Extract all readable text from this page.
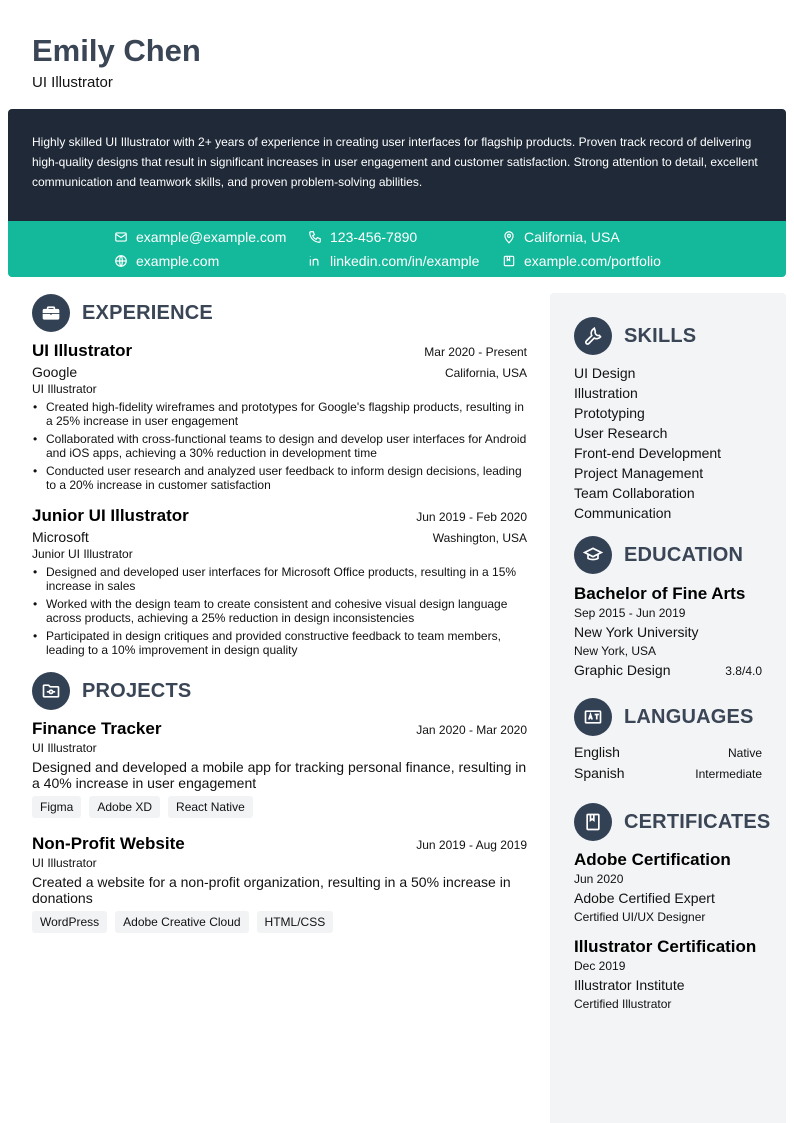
Emily Chen
UI Illustrator
Highly skilled UI Illustrator with 2+ years of experience in creating user interfaces for flagship products. Proven track record of delivering high-quality designs that result in significant increases in user engagement and customer satisfaction. Strong attention to detail, excellent communication and teamwork skills, and proven problem-solving abilities.
example@example.com	123-456-7890	California, USA
example.com	linkedin.com/in/example	example.com/portfolio
EXPERIENCE
UI Illustrator	Mar 2020 - Present
Google	California, USA
UI Illustrator
• Created high-fidelity wireframes and prototypes for Google's flagship products, resulting in a 25% increase in user engagement
• Collaborated with cross-functional teams to design and develop user interfaces for Android and iOS apps, achieving a 30% reduction in development time
• Conducted user research and analyzed user feedback to inform design decisions, leading to a 20% increase in customer satisfaction
Junior UI Illustrator	Jun 2019 - Feb 2020
Microsoft	Washington, USA
Junior UI Illustrator
• Designed and developed user interfaces for Microsoft Office products, resulting in a 15% increase in sales
• Worked with the design team to create consistent and cohesive visual design language across products, achieving a 25% reduction in design inconsistencies
• Participated in design critiques and provided constructive feedback to team members, leading to a 10% improvement in design quality
PROJECTS
Finance Tracker	Jan 2020 - Mar 2020
UI Illustrator
Designed and developed a mobile app for tracking personal finance, resulting in a 40% increase in user engagement
Figma	Adobe XD	React Native
Non-Profit Website	Jun 2019 - Aug 2019
UI Illustrator
Created a website for a non-profit organization, resulting in a 50% increase in donations
WordPress	Adobe Creative Cloud	HTML/CSS
SKILLS
UI Design
Illustration
Prototyping
User Research
Front-end Development
Project Management
Team Collaboration
Communication
EDUCATION
Bachelor of Fine Arts
Sep 2015 - Jun 2019
New York University
New York, USA
Graphic Design	3.8/4.0
LANGUAGES
English	Native
Spanish	Intermediate
CERTIFICATES
Adobe Certification
Jun 2020
Adobe Certified Expert
Certified UI/UX Designer
Illustrator Certification
Dec 2019
Illustrator Institute
Certified Illustrator
